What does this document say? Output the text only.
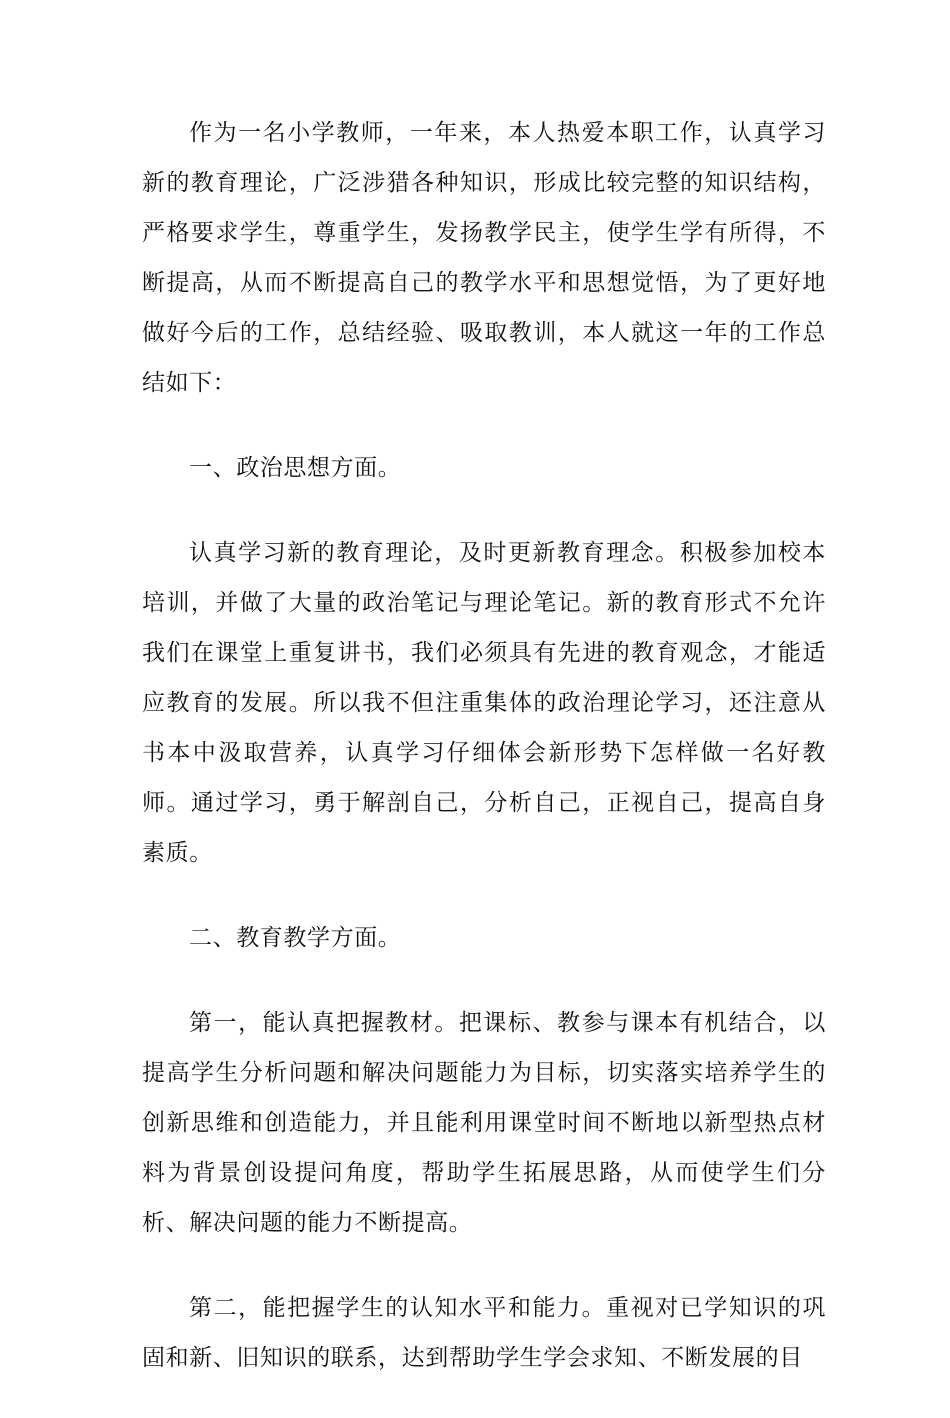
作为一名小学教师，一年来，本人热爱本职工作，认真学习新的教育理论，广泛涉猎各种知识，形成比较完整的知识结构，严格要求学生，尊重学生，发扬教学民主，使学生学有所得，不断提高，从而不断提高自己的教学水平和思想觉悟，为了更好地做好今后的工作，总结经验、吸取教训，本人就这一年的工作总结如下：

一、政治思想方面。

认真学习新的教育理论，及时更新教育理念。积极参加校本培训，并做了大量的政治笔记与理论笔记。新的教育形式不允许我们在课堂上重复讲书，我们必须具有先进的教育观念，才能适应教育的发展。所以我不但注重集体的政治理论学习，还注意从书本中汲取营养，认真学习仔细体会新形势下怎样做一名好教师。通过学习，勇于解剖自己，分析自己，正视自己，提高自身素质。

二、教育教学方面。

第一，能认真把握教材。把课标、教参与课本有机结合，以提高学生分析问题和解决问题能力为目标，切实落实培养学生的创新思维和创造能力，并且能利用课堂时间不断地以新型热点材料为背景创设提问角度，帮助学生拓展思路，从而使学生们分析、解决问题的能力不断提高。

第二，能把握学生的认知水平和能力。重视对已学知识的巩固和新、旧知识的联系，达到帮助学生学会求知、不断发展的目
